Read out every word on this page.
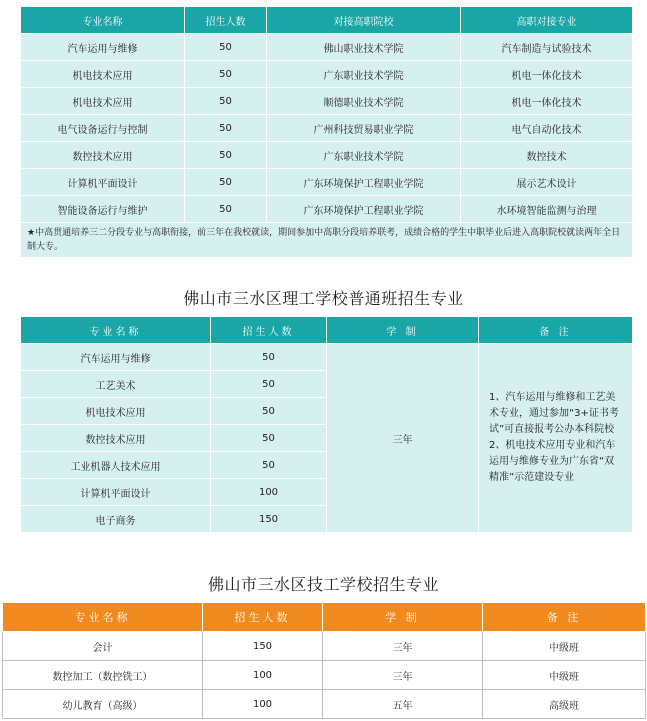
专业名称	招生人数	对接高职院校	高职对接专业
汽车运用与维修	50	佛山职业技术学院	汽车制造与试验技术
机电技术应用	50	广东职业技术学院	机电一体化技术
机电技术应用	50	顺德职业技术学院	机电一体化技术
电气设备运行与控制	50	广州科技贸易职业学院	电气自动化技术
数控技术应用	50	广东职业技术学院	数控技术
计算机平面设计	50	广东环境保护工程职业学院	展示艺术设计
智能设备运行与维护	50	广东环境保护工程职业学院	水环境智能监测与治理
★中高贯通培养三二分段专业与高职衔接，前三年在我校就读，期间参加中高职分段培养联考，成绩合格的学生中职毕业后进入高职院校就读两年全日制大专。			
佛山市三水区理工学校普通班招生专业
专业名称	招生人数	学 制	备 注
汽车运用与维修	50	三年	1、汽车运用与维修和工艺美术专业，通过参加“3+证书考试”可直接报考公办本科院校
2、机电技术应用专业和汽车运用与维修专业为广东省“双精准”示范建设专业

工艺美术	50		
机电技术应用	50		
数控技术应用	50		
工业机器人技术应用	50		
计算机平面设计	100		
电子商务	150		
佛山市三水区技工学校招生专业
专业名称	招生人数	学 制	备 注
会计	150	三年	中级班
数控加工（数控铣工）	100	三年	中级班
幼儿教育（高级）	100	五年	高级班
